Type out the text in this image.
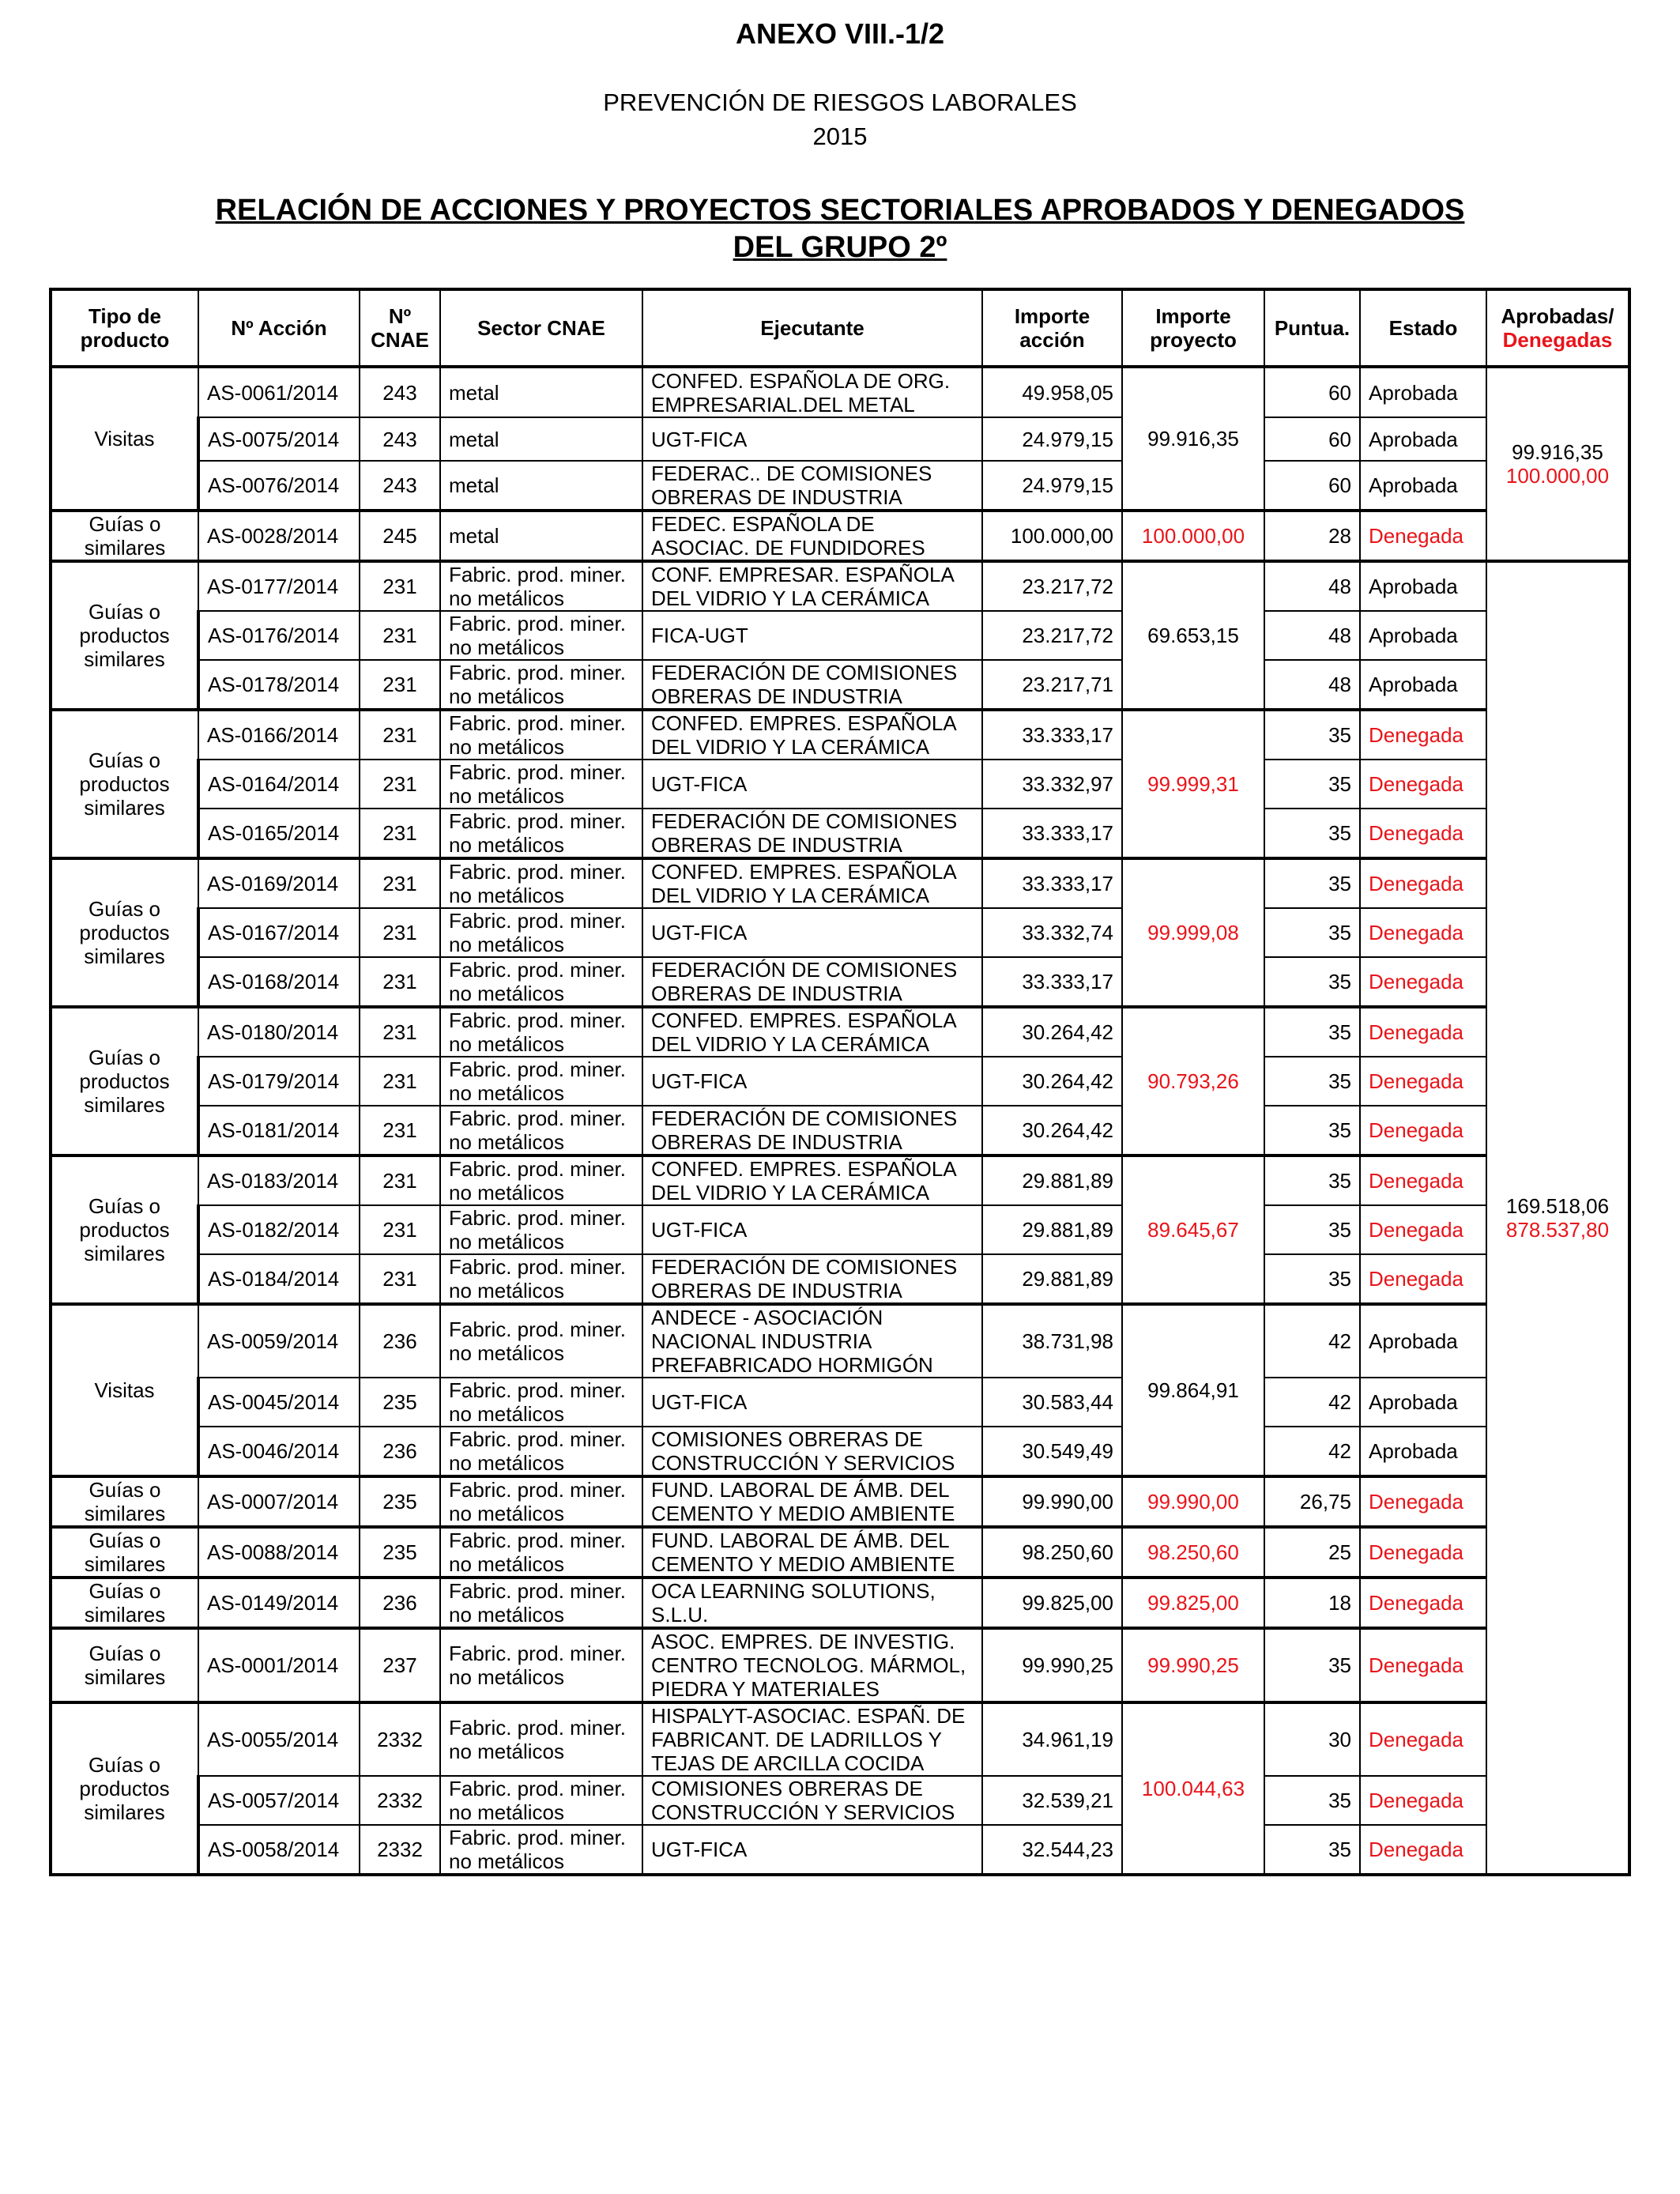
ANEXO VIII.-1/2
PREVENCIÓN DE RIESGOS LABORALES
2015
RELACIÓN DE ACCIONES Y PROYECTOS SECTORIALES APROBADOS Y DENEGADOS
DEL GRUPO 2º
Tipo de producto	Nº Acción	Nº CNAE	Sector CNAE	Ejecutante	Importe acción	Importe proyecto	Puntua.	Estado	Aprobadas/
Denegadas
Visitas	AS-0061/2014	243	metal	CONFED. ESPAÑOLA DE ORG. EMPRESARIAL.DEL METAL	49.958,05	99.916,35	60	Aprobada	99.916,35
100.000,00
	AS-0075/2014	243	metal	UGT-FICA	24.979,15		60	Aprobada	
	AS-0076/2014	243	metal	FEDERAC.. DE COMISIONES OBRERAS DE INDUSTRIA	24.979,15		60	Aprobada	
Guías o similares	AS-0028/2014	245	metal	FEDEC. ESPAÑOLA DE ASOCIAC. DE FUNDIDORES	100.000,00	100.000,00	28	Denegada	
Guías o productos similares	AS-0177/2014	231	Fabric. prod. miner. no metálicos	CONF. EMPRESAR. ESPAÑOLA DEL VIDRIO Y LA CERÁMICA	23.217,72	69.653,15	48	Aprobada	169.518,06
878.537,80
	AS-0176/2014	231	Fabric. prod. miner. no metálicos	FICA-UGT	23.217,72		48	Aprobada	
	AS-0178/2014	231	Fabric. prod. miner. no metálicos	FEDERACIÓN DE COMISIONES OBRERAS DE INDUSTRIA	23.217,71		48	Aprobada	
Guías o productos similares	AS-0166/2014	231	Fabric. prod. miner. no metálicos	CONFED. EMPRES. ESPAÑOLA DEL VIDRIO Y LA CERÁMICA	33.333,17	99.999,31	35	Denegada	
	AS-0164/2014	231	Fabric. prod. miner. no metálicos	UGT-FICA	33.332,97		35	Denegada	
	AS-0165/2014	231	Fabric. prod. miner. no metálicos	FEDERACIÓN DE COMISIONES OBRERAS DE INDUSTRIA	33.333,17		35	Denegada	
Guías o productos similares	AS-0169/2014	231	Fabric. prod. miner. no metálicos	CONFED. EMPRES. ESPAÑOLA DEL VIDRIO Y LA CERÁMICA	33.333,17	99.999,08	35	Denegada	
	AS-0167/2014	231	Fabric. prod. miner. no metálicos	UGT-FICA	33.332,74		35	Denegada	
	AS-0168/2014	231	Fabric. prod. miner. no metálicos	FEDERACIÓN DE COMISIONES OBRERAS DE INDUSTRIA	33.333,17		35	Denegada	
Guías o productos similares	AS-0180/2014	231	Fabric. prod. miner. no metálicos	CONFED. EMPRES. ESPAÑOLA DEL VIDRIO Y LA CERÁMICA	30.264,42	90.793,26	35	Denegada	
	AS-0179/2014	231	Fabric. prod. miner. no metálicos	UGT-FICA	30.264,42		35	Denegada	
	AS-0181/2014	231	Fabric. prod. miner. no metálicos	FEDERACIÓN DE COMISIONES OBRERAS DE INDUSTRIA	30.264,42		35	Denegada	
Guías o productos similares	AS-0183/2014	231	Fabric. prod. miner. no metálicos	CONFED. EMPRES. ESPAÑOLA DEL VIDRIO Y LA CERÁMICA	29.881,89	89.645,67	35	Denegada	
	AS-0182/2014	231	Fabric. prod. miner. no metálicos	UGT-FICA	29.881,89		35	Denegada	
	AS-0184/2014	231	Fabric. prod. miner. no metálicos	FEDERACIÓN DE COMISIONES OBRERAS DE INDUSTRIA	29.881,89		35	Denegada	
Visitas	AS-0059/2014	236	Fabric. prod. miner. no metálicos	ANDECE - ASOCIACIÓN NACIONAL INDUSTRIA PREFABRICADO HORMIGÓN	38.731,98	99.864,91	42	Aprobada	
	AS-0045/2014	235	Fabric. prod. miner. no metálicos	UGT-FICA	30.583,44		42	Aprobada	
	AS-0046/2014	236	Fabric. prod. miner. no metálicos	COMISIONES OBRERAS DE CONSTRUCCIÓN Y SERVICIOS	30.549,49		42	Aprobada	
Guías o similares	AS-0007/2014	235	Fabric. prod. miner. no metálicos	FUND. LABORAL DE ÁMB. DEL CEMENTO Y MEDIO AMBIENTE	99.990,00	99.990,00	26,75	Denegada	
Guías o similares	AS-0088/2014	235	Fabric. prod. miner. no metálicos	FUND. LABORAL DE ÁMB. DEL CEMENTO Y MEDIO AMBIENTE	98.250,60	98.250,60	25	Denegada	
Guías o similares	AS-0149/2014	236	Fabric. prod. miner. no metálicos	OCA LEARNING SOLUTIONS, S.L.U.	99.825,00	99.825,00	18	Denegada	
Guías o similares	AS-0001/2014	237	Fabric. prod. miner. no metálicos	ASOC. EMPRES. DE INVESTIG. CENTRO TECNOLOG. MÁRMOL, PIEDRA Y MATERIALES	99.990,25	99.990,25	35	Denegada	
Guías o productos similares	AS-0055/2014	2332	Fabric. prod. miner. no metálicos	HISPALYT-ASOCIAC. ESPAÑ. DE FABRICANT. DE LADRILLOS Y TEJAS DE ARCILLA COCIDA	34.961,19	100.044,63	30	Denegada	
	AS-0057/2014	2332	Fabric. prod. miner. no metálicos	COMISIONES OBRERAS DE CONSTRUCCIÓN Y SERVICIOS	32.539,21		35	Denegada	
	AS-0058/2014	2332	Fabric. prod. miner. no metálicos	UGT-FICA	32.544,23		35	Denegada	
